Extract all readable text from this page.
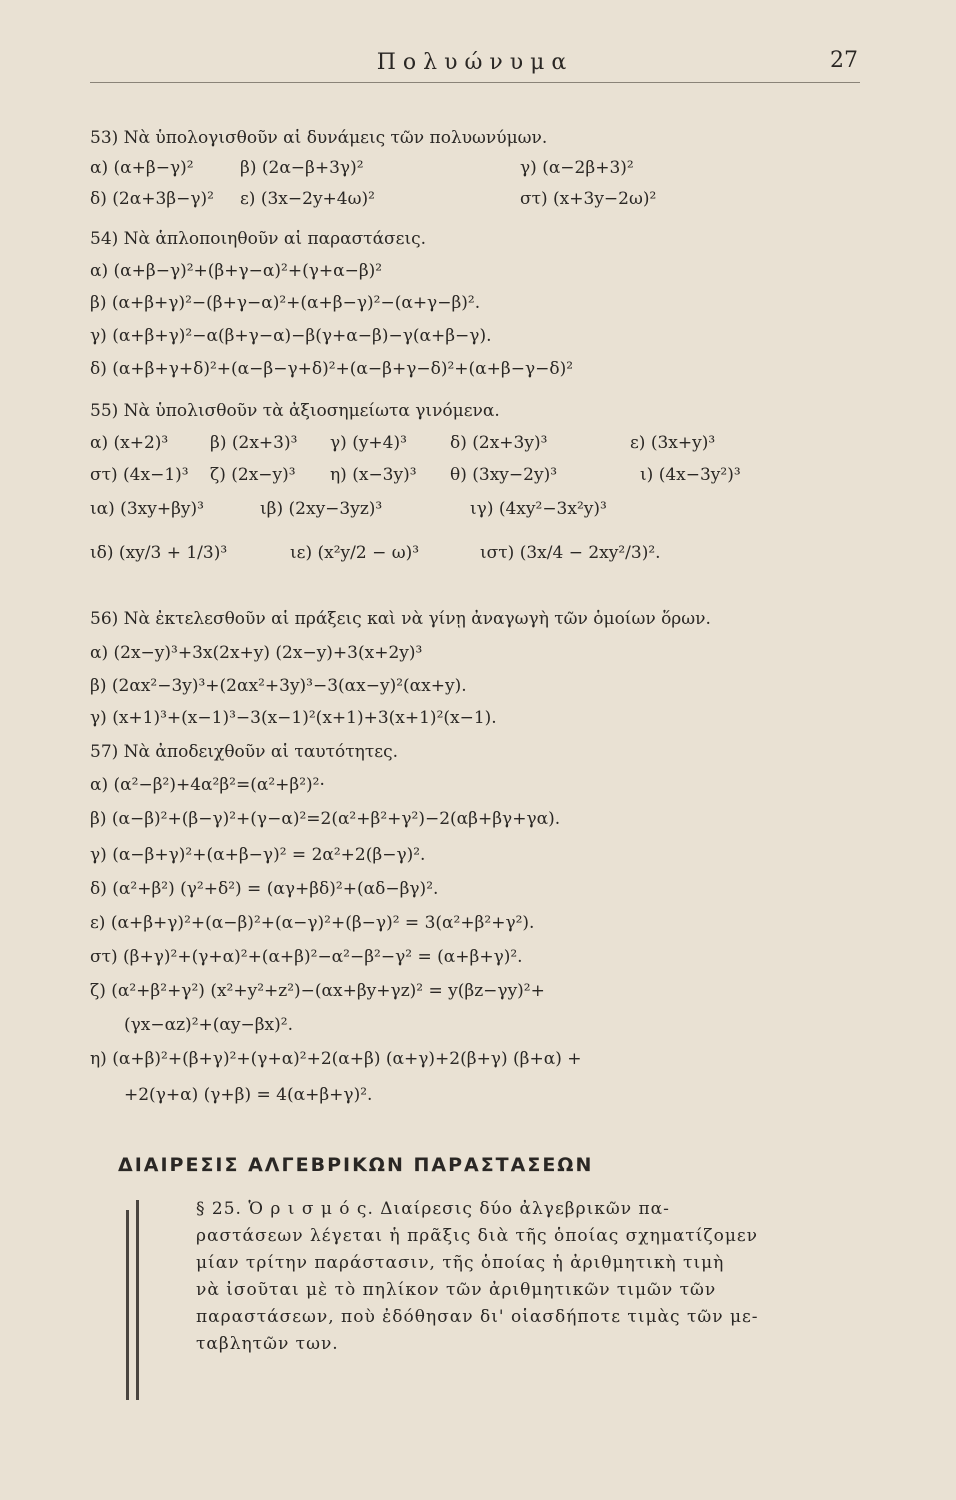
Πολυώνυμα	27
53) Νὰ ὑπολογισθοῦν αἱ δυνάμεις τῶν πολυωνύμων.
α) (α+β−γ)²	β) (2α−β+3γ)²	γ) (α−2β+3)²
δ) (2α+3β−γ)² ε) (3x−2y+4ω)²	στ) (x+3y−2ω)²
54) Νὰ ἁπλοποιηθοῦν αἱ παραστάσεις.
α) (α+β−γ)²+(β+γ−α)²+(γ+α−β)²
β) (α+β+γ)²−(β+γ−α)²+(α+β−γ)²−(α+γ−β)².
γ) (α+β+γ)²−α(β+γ−α)−β(γ+α−β)−γ(α+β−γ).
δ) (α+β+γ+δ)²+(α−β−γ+δ)²+(α−β+γ−δ)²+(α+β−γ−δ)²
55) Νὰ ὑπολισθοῦν τὰ ἀξιοσημείωτα γινόμενα.
α) (x+2)³ β) (2x+3)³ γ) (y+4)³	δ) (2x+3y)³	ε) (3x+y)³
στ) (4x−1)³ ζ) (2x−y)³ η) (x−3y)³ θ) (3xy−2y)³	ι) (4x−3y²)³
ια) (3xy+βy)³	ιβ) (2xy−3yz)³	ιγ) (4xy²−3x²y)³
ιδ) (xy/3 + 1/3)³	ιε) (x²y/2 − ω)³	ιστ) (3x/4 − 2xy²/3)².
56) Νὰ ἐκτελεσθοῦν αἱ πράξεις καὶ νὰ γίνῃ ἀναγωγὴ τῶν ὁμοίων ὅρων.
α) (2x−y)³+3x(2x+y) (2x−y)+3(x+2y)³
β) (2αx²−3y)³+(2αx²+3y)³−3(αx−y)²(αx+y).
γ) (x+1)³+(x−1)³−3(x−1)²(x+1)+3(x+1)²(x−1).
57) Νὰ ἀποδειχθοῦν αἱ ταυτότητες.
α) (α²−β²)+4α²β²=(α²+β²)²·
β) (α−β)²+(β−γ)²+(γ−α)²=2(α²+β²+γ²)−2(αβ+βγ+γα).
γ) (α−β+γ)²+(α+β−γ)² = 2α²+2(β−γ)².
δ) (α²+β²) (γ²+δ²) = (αγ+βδ)²+(αδ−βγ)².
ε) (α+β+γ)²+(α−β)²+(α−γ)²+(β−γ)² = 3(α²+β²+γ²).
στ) (β+γ)²+(γ+α)²+(α+β)²−α²−β²−γ² = (α+β+γ)².
ζ) (α²+β²+γ²) (x²+y²+z²)−(αx+βy+γz)² = y(βz−γy)²+
(γx−αz)²+(αy−βx)².
η) (α+β)²+(β+γ)²+(γ+α)²+2(α+β) (α+γ)+2(β+γ) (β+α) +
+2(γ+α) (γ+β) = 4(α+β+γ)².
ΔΙΑΙΡΕΣΙΣ ΑΛΓΕΒΡΙΚΩΝ ΠΑΡΑΣΤΑΣΕΩΝ
§ 25. Ὁ ρ ι σ μ ό ς. Διαίρεσις δύο ἀλγεβρικῶν πα-
ραστάσεων λέγεται ἡ πρᾶξις διὰ τῆς ὁποίας σχηματίζομεν
μίαν τρίτην παράστασιν, τῆς ὁποίας ἡ ἀριθμητικὴ τιμὴ
νὰ ἰσοῦται μὲ τὸ πηλίκον τῶν ἀριθμητικῶν τιμῶν τῶν
παραστάσεων, ποὺ ἐδόθησαν δι' οἱασδήποτε τιμὰς τῶν με-
ταβλητῶν των.
